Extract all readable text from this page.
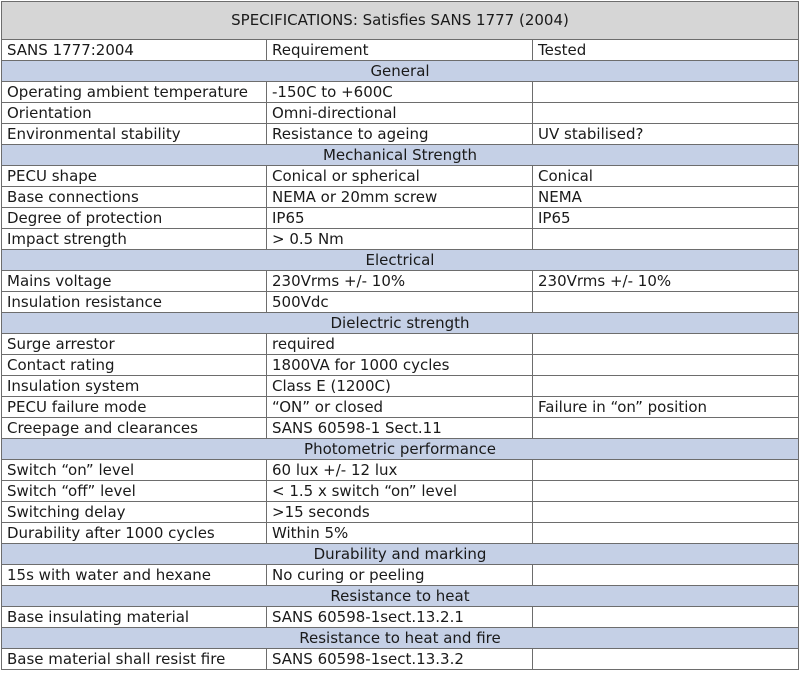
SPECIFICATIONS: Satisfies SANS 1777 (2004)		
SANS 1777:2004	Requirement	Tested
General		
Operating ambient temperature	-150C to +600C	
Orientation	Omni-directional	
Environmental stability	Resistance to ageing	UV stabilised?
Mechanical Strength		
PECU shape	Conical or spherical	Conical
Base connections	NEMA or 20mm screw	NEMA
Degree of protection	IP65	IP65
Impact strength	> 0.5 Nm	
Electrical		
Mains voltage	230Vrms +/- 10%	230Vrms +/- 10%
Insulation resistance	500Vdc	
Dielectric strength		
Surge arrestor	required	
Contact rating	1800VA for 1000 cycles	
Insulation system	Class E (1200C)	
PECU failure mode	“ON” or closed	Failure in “on” position
Creepage and clearances	SANS 60598-1 Sect.11	
Photometric performance		
Switch “on” level	60 lux +/- 12 lux	
Switch “off” level	< 1.5 x switch “on” level	
Switching delay	>15 seconds	
Durability after 1000 cycles	Within 5%	
Durability and marking		
15s with water and hexane	No curing or peeling	
Resistance to heat		
Base insulating material	SANS 60598-1sect.13.2.1	
Resistance to heat and fire		
Base material shall resist fire	SANS 60598-1sect.13.3.2	
